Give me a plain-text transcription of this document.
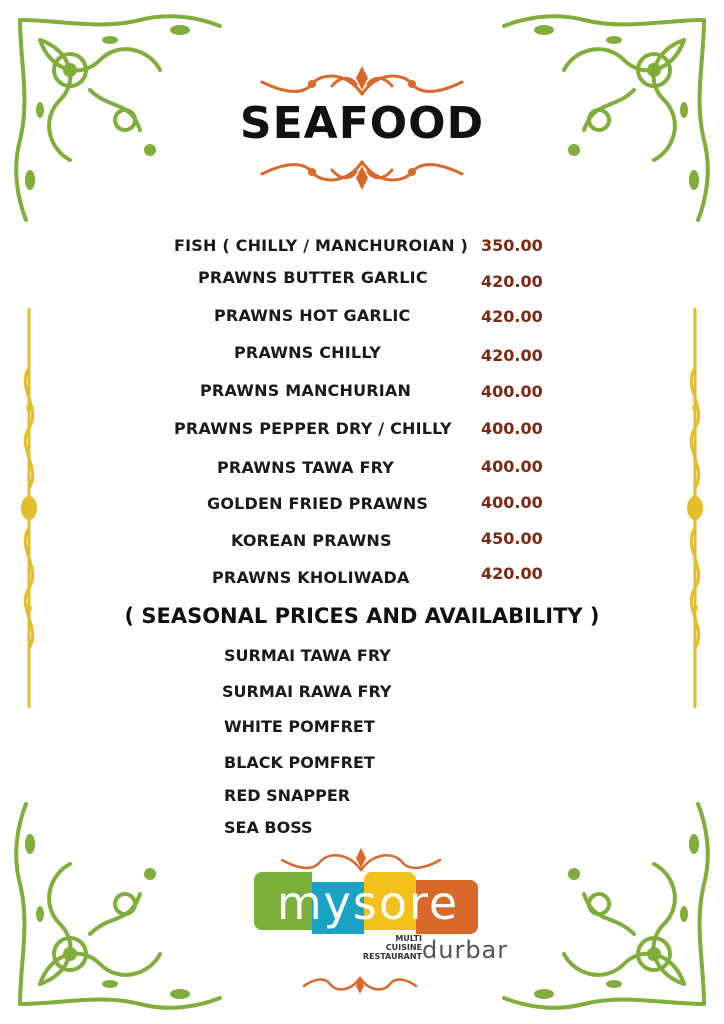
SEAFOOD
FISH ( CHILLY / MANCHUROIAN ) 350.00
PRAWNS BUTTER GARLIC	420.00
PRAWNS HOT GARLIC	420.00
PRAWNS CHILLY	420.00
PRAWNS MANCHURIAN	400.00
PRAWNS PEPPER DRY / CHILLY 400.00
PRAWNS TAWA FRY	400.00
GOLDEN FRIED PRAWNS	400.00
KOREAN PRAWNS	450.00
PRAWNS KHOLIWADA	420.00
( SEASONAL PRICES AND AVAILABILITY )
SURMAI TAWA FRY
SURMAI RAWA FRY
WHITE POMFRET
BLACK POMFRET
RED SNAPPER
SEA BOSS
mysore
MULTI
CUISINE
RESTAURANT durbar
